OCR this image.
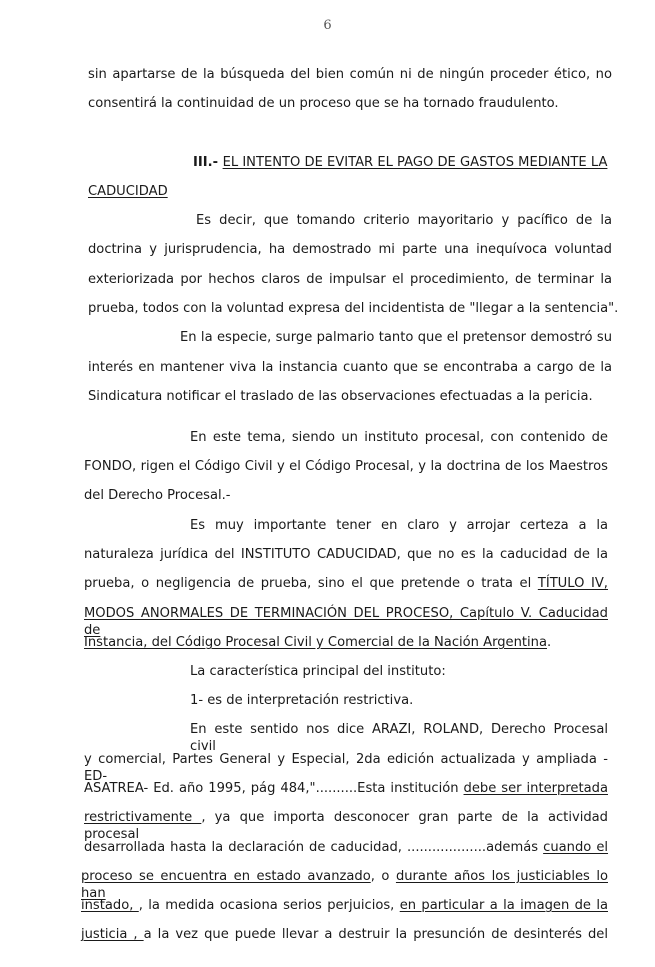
6
sin apartarse de la búsqueda del bien común ni de ningún proceder ético, no
consentirá la continuidad de un proceso que se ha tornado fraudulento.
III.- EL INTENTO DE EVITAR EL PAGO DE GASTOS MEDIANTE LA
CADUCIDAD
Es decir, que tomando criterio mayoritario y pacífico de la
doctrina y jurisprudencia, ha demostrado mi parte una inequívoca voluntad
exteriorizada por hechos claros de impulsar el procedimiento, de terminar la
prueba, todos con la voluntad expresa del incidentista de "llegar a la sentencia".
En la especie, surge palmario tanto que el pretensor demostró su
interés en mantener viva la instancia cuanto que se encontraba a cargo de la
Sindicatura notificar el traslado de las observaciones efectuadas a la pericia.
En este tema, siendo un instituto procesal, con contenido de
FONDO, rigen el Código Civil y el Código Procesal, y la doctrina de los Maestros
del Derecho Procesal.-
Es muy importante tener en claro y arrojar certeza a la
naturaleza jurídica del INSTITUTO CADUCIDAD, que no es la caducidad de la
prueba, o negligencia de prueba, sino el que pretende o trata el TÍTULO IV,
MODOS ANORMALES DE TERMINACIÓN DEL PROCESO, Capítulo V. Caducidad de
Instancia, del Código Procesal Civil y Comercial de la Nación Argentina.
La característica principal del instituto:
1- es de interpretación restrictiva.
En este sentido nos dice ARAZI, ROLAND, Derecho Procesal civil
y comercial, Partes General y Especial, 2da edición actualizada y ampliada - ED-
ASATREA- Ed. año 1995, pág 484,"..........Esta institución debe ser interpretada
restrictivamente , ya que importa desconocer gran parte de la actividad procesal
desarrollada hasta la declaración de caducidad, ...................además cuando el
proceso se encuentra en estado avanzado, o durante años los justiciables lo han
instado, , la medida ocasiona serios perjuicios, en particular a la imagen de la
justicia , a la vez que puede llevar a destruir la presunción de desinterés del
